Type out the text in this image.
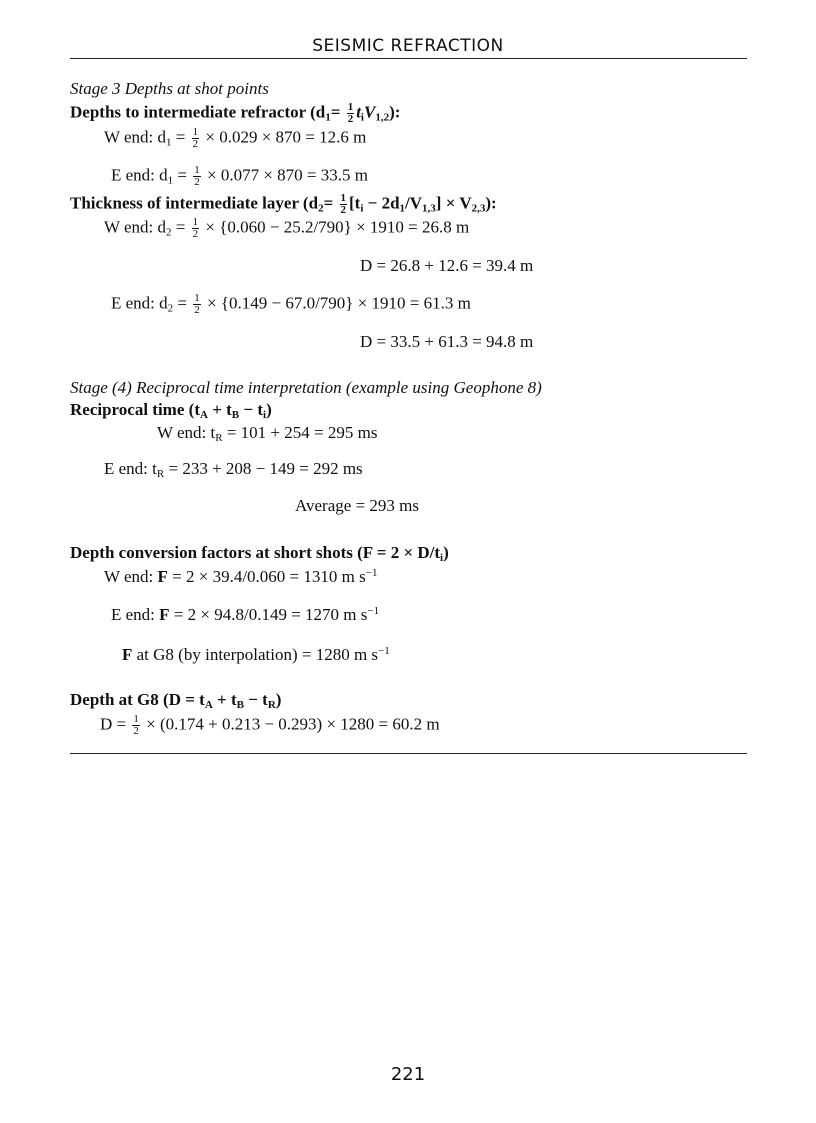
SEISMIC REFRACTION
Stage 3 Depths at shot points
Depths to intermediate refractor $(d_1= \frac{1}{2} t_iV_{1,2})$:
W end: $d_1 = \frac{1}{2} \times 0.029 \times 870 = 12.6$ m
E end: $d_1 = \frac{1}{2} \times 0.077 \times 870 = 33.5$ m
Thickness of intermediate layer $(d_2= \frac{1}{2} [t_i - 2d_1/V_{1,3}] \times V_{2,3})$:
W end: $d_2 = \frac{1}{2} \times \{0.060 - 25.2/790\} \times 1910 = 26.8$ m
D = 26.8 + 12.6 = 39.4 m
E end: $d_2 = \frac{1}{2} \times \{0.149 - 67.0/790\} \times 1910 = 61.3$ m
D = 33.5 + 61.3 = 94.8 m
Stage (4) Reciprocal time interpretation (example using Geophone 8)
Reciprocal time $(t_A + t_B - t_i)$
W end: $t_R = 101 + 254 = 295$ ms
E end: $t_R = 233 + 208 - 149 = 292$ ms
Average = 293 ms
Depth conversion factors at short shots $(F = 2 \times D/t_i)$
W end: F = 2 × 39.4/0.060 = 1310 m $s^{-1}$
E end: F = 2 × 94.8/0.149 = 1270 m $s^{-1}$
F at G8 (by interpolation) = 1280 m $s^{-1}$
Depth at G8 $(D = t_A + t_B - t_R)$
$D = \frac{1}{2} \times (0.174 + 0.213 - 0.293) \times 1280 = 60.2$ m
221
